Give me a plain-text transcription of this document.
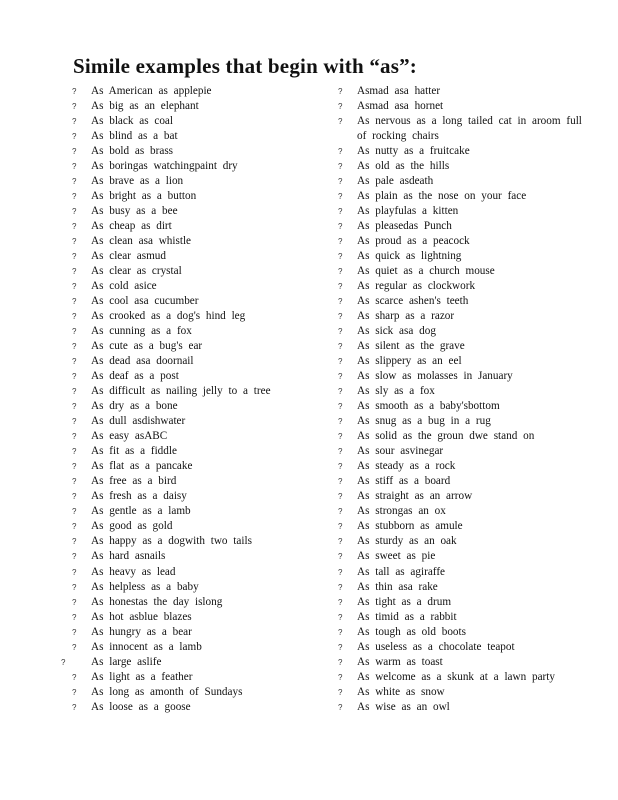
Simile examples that begin with “as”:
? As American as applepie
? As big as an elephant
? As black as coal
? As blind as a bat
? As bold as brass
? As boringas watchingpaint dry
? As brave as a lion
? As bright as a button
? As busy as a bee
? As cheap as dirt
? As clean asa whistle
? As clear asmud
? As clear as crystal
? As cold asice
? As cool asa cucumber
? As crooked as a dog's hind leg
? As cunning as a fox
? As cute as a bug's ear
? As dead asa doornail
? As deaf as a post
? As difficult as nailing jelly to a tree
? As dry as a bone
? As dull asdishwater
? As easy asABC
? As fit as a fiddle
? As flat as a pancake
? As free as a bird
? As fresh as a daisy
? As gentle as a lamb
? As good as gold
? As happy as a dogwith two tails
? As hard asnails
? As heavy as lead
? As helpless as a baby
? As honestas the day islong
? As hot asblue blazes
? As hungry as a bear
? As innocent as a lamb
? As large aslife
? As light as a feather
? As long as amonth of Sundays
? As loose as a goose
? Asmad asa hatter
? Asmad asa hornet
? As nervous as a long tailed cat in aroom full of rocking chairs
? As nutty as a fruitcake
? As old as the hills
? As pale asdeath
? As plain as the nose on your face
? As playfulas a kitten
? As pleasedas Punch
? As proud as a peacock
? As quick as lightning
? As quiet as a church mouse
? As regular as clockwork
? As scarce ashen's teeth
? As sharp as a razor
? As sick asa dog
? As silent as the grave
? As slippery as an eel
? As slow as molasses in January
? As sly as a fox
? As smooth as a baby'sbottom
? As snug as a bug in a rug
? As solid as the groun dwe stand on
? As sour asvinegar
? As steady as a rock
? As stiff as a board
? As straight as an arrow
? As strongas an ox
? As stubborn as amule
? As sturdy as an oak
? As sweet as pie
? As tall as agiraffe
? As thin asa rake
? As tight as a drum
? As timid as a rabbit
? As tough as old boots
? As useless as a chocolate teapot
? As warm as toast
? As welcome as a skunk at a lawn party
? As white as snow
? As wise as an owl
